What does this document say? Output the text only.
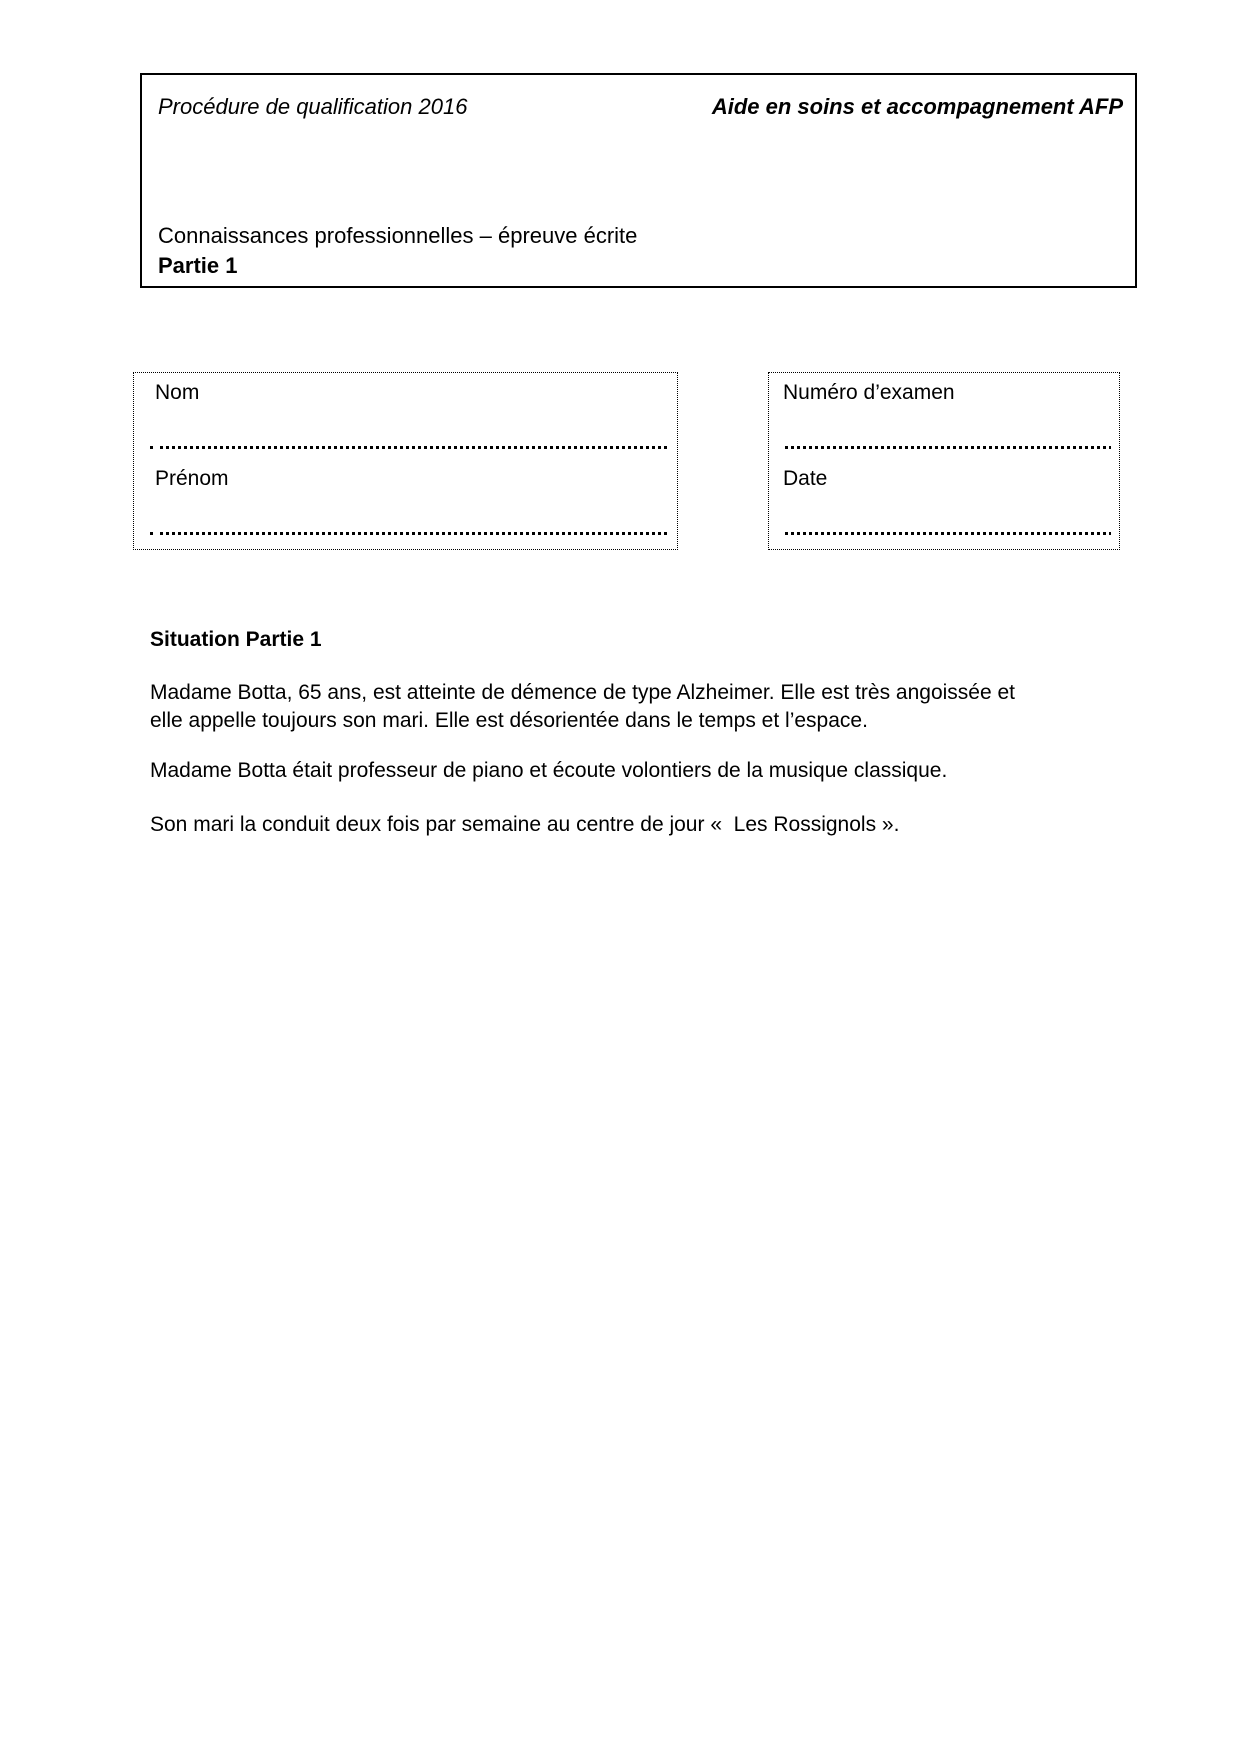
Procédure de qualification 2016	Aide en soins et accompagnement AFP
Connaissances professionnelles – épreuve écrite
Partie 1
Nom
Prénom
Numéro d’examen
Date
Situation Partie 1
Madame Botta, 65 ans, est atteinte de démence de type Alzheimer. Elle est très angoissée et
elle appelle toujours son mari. Elle est désorientée dans le temps et l’espace.
Madame Botta était professeur de piano et écoute volontiers de la musique classique.
Son mari la conduit deux fois par semaine au centre de jour «  Les Rossignols ».
